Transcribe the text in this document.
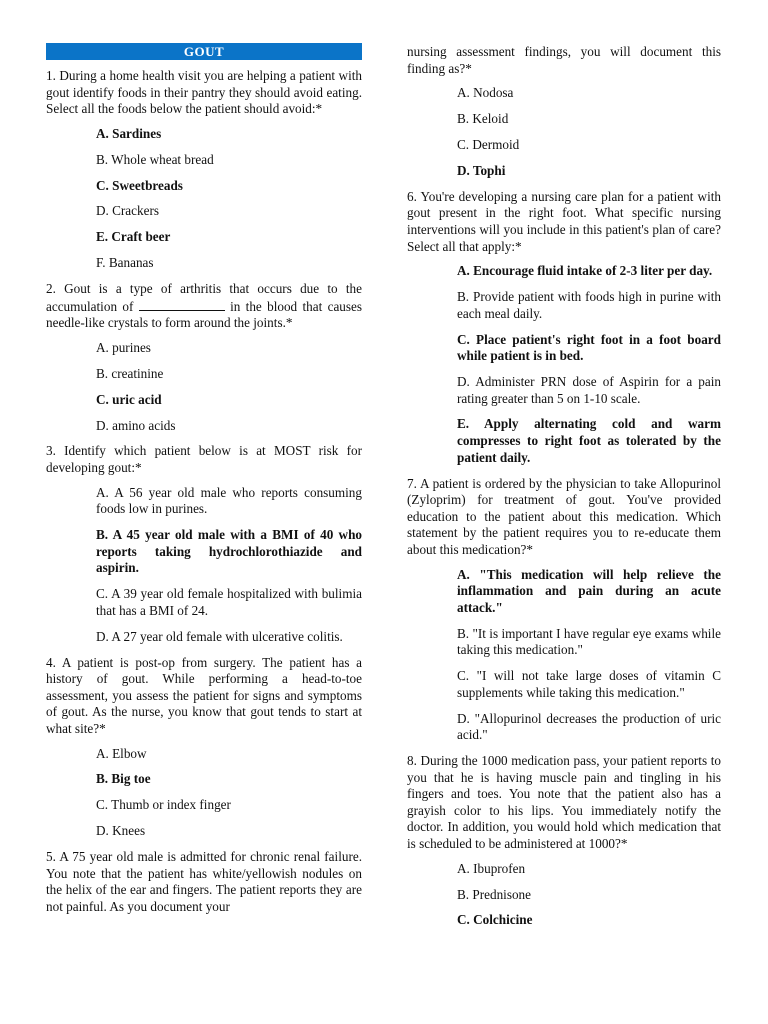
GOUT
1. During a home health visit you are helping a patient with gout identify foods in their pantry they should avoid eating. Select all the foods below the patient should avoid:*
A. Sardines
B. Whole wheat bread
C. Sweetbreads
D. Crackers
E. Craft beer
F. Bananas
2. Gout is a type of arthritis that occurs due to the accumulation of	in the blood that causes needle-like crystals to form around the joints.*
A. purines
B. creatinine
C. uric acid
D. amino acids
3. Identify which patient below is at MOST risk for developing gout:*
A. A 56 year old male who reports consuming foods low in purines.
B. A 45 year old male with a BMI of 40 who reports taking hydrochlorothiazide and aspirin.
C. A 39 year old female hospitalized with bulimia that has a BMI of 24.
D. A 27 year old female with ulcerative colitis.
4. A patient is post-op from surgery. The patient has a history of gout. While performing a head-to-toe assessment, you assess the patient for signs and symptoms of gout. As the nurse, you know that gout tends to start at what site?*
A. Elbow
B. Big toe
C. Thumb or index finger
D. Knees
5. A 75 year old male is admitted for chronic renal failure. You note that the patient has white/yellowish nodules on the helix of the ear and fingers. The patient reports they are not painful. As you document your
nursing assessment findings, you will document this finding as?*
A. Nodosa
B. Keloid
C. Dermoid
D. Tophi
6. You're developing a nursing care plan for a patient with gout present in the right foot. What specific nursing interventions will you include in this patient's plan of care? Select all that apply:*
A. Encourage fluid intake of 2-3 liter per day.
B. Provide patient with foods high in purine with each meal daily.
C. Place patient's right foot in a foot board while patient is in bed.
D. Administer PRN dose of Aspirin for a pain rating greater than 5 on 1-10 scale.
E. Apply alternating cold and warm compresses to right foot as tolerated by the patient daily.
7. A patient is ordered by the physician to take Allopurinol (Zyloprim) for treatment of gout. You've provided education to the patient about this medication. Which statement by the patient requires you to re-educate them about this medication?*
A. "This medication will help relieve the inflammation and pain during an acute attack."
B. "It is important I have regular eye exams while taking this medication."
C. "I will not take large doses of vitamin C supplements while taking this medication."
D. "Allopurinol decreases the production of uric acid."
8. During the 1000 medication pass, your patient reports to you that he is having muscle pain and tingling in his fingers and toes. You note that the patient also has a grayish color to his lips. You immediately notify the doctor. In addition, you would hold which medication that is scheduled to be administered at 1000?*
A. Ibuprofen
B. Prednisone
C. Colchicine
